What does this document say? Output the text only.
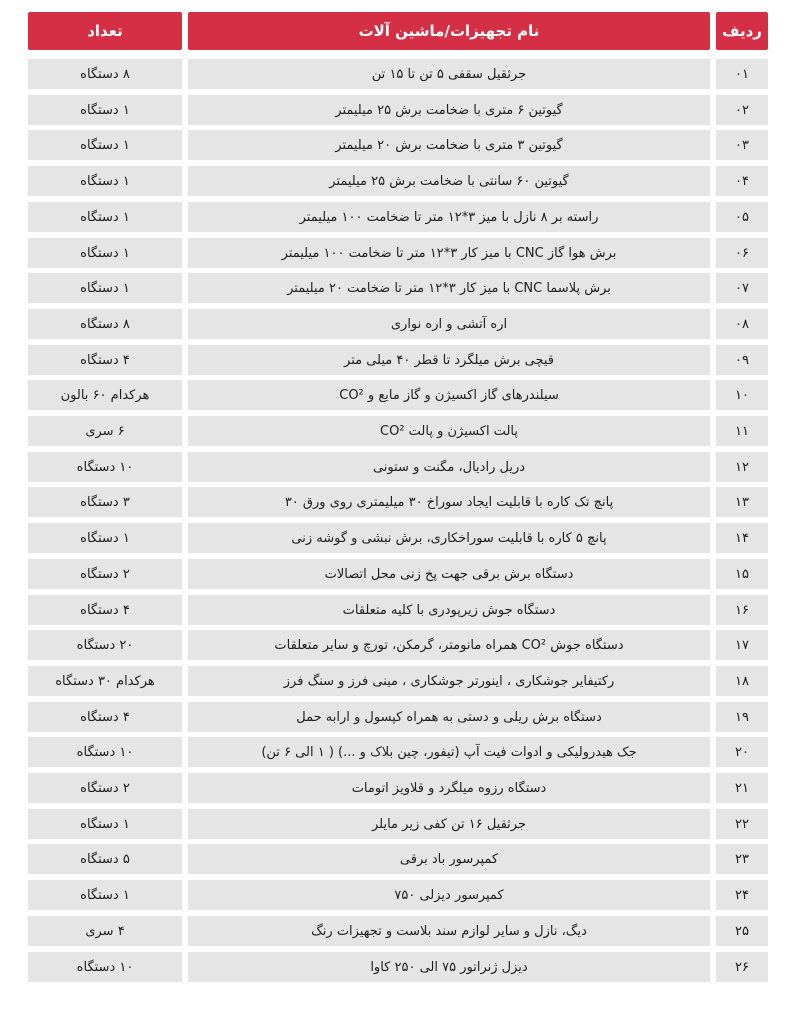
ردیف
نام تجهیزات/ماشین آلات
تعداد
۰۱
جرثقیل سقفی ۵ تن تا ۱۵ تن
۸ دستگاه
۰۲
گیوتین ۶ متری با ضخامت برش ۲۵ میلیمتر
۱ دستگاه
۰۳
گیوتین ۳ متری با ضخامت برش ۲۰ میلیمتر
۱ دستگاه
۰۴
گیوتین ۶۰ سانتی با ضخامت برش ۲۵ میلیمتر
۱ دستگاه
۰۵
راسته بر ۸ نازل با میز ۳*۱۲ متر تا ضخامت ۱۰۰ میلیمتر
۱ دستگاه
۰۶
برش هوا گاز CNC با میز کار ۳*۱۲ متر تا ضخامت ۱۰۰ میلیمتر
۱ دستگاه
۰۷
برش پلاسما CNC با میز کار ۳*۱۲ متر تا ضخامت ۲۰ میلیمتر
۱ دستگاه
۰۸
اره آتشی و اره نواری
۸ دستگاه
۰۹
قیچی برش میلگرد تا قطر ۴۰ میلی متر
۴ دستگاه
۱۰
سیلندرهای گاز اکسیژن و گاز مایع و CO²
هرکدام ۶۰ بالون
۱۱
پالت اکسیژن و پالت CO²
۶ سری
۱۲
دریل رادیال، مگنت و ستونی
۱۰ دستگاه
۱۳
پانچ تک کاره با قابلیت ایجاد سوراخ ۳۰ میلیمتری روی ورق ۳۰
۳ دستگاه
۱۴
پانچ ۵ کاره با قابلیت سوراخکاری، برش نبشی و گوشه زنی
۱ دستگاه
۱۵
دستگاه برش برقی جهت پخ زنی محل اتصالات
۲ دستگاه
۱۶
دستگاه جوش زیرپودری با کلیه متعلقات
۴ دستگاه
۱۷
دستگاه جوش CO² همراه مانومتر، گرمکن، تورچ و سایر متعلقات
۲۰ دستگاه
۱۸
رکتیفایر جوشکاری ، اینورتر جوشکاری ، مینی فرز و سنگ فرز
هرکدام ۳۰ دستگاه
۱۹
دستگاه برش ریلی و دستی به همراه کپسول و ارابه حمل
۴ دستگاه
۲۰
جک هیدرولیکی و ادوات فیت آپ (تیفور، چین بلاک و ...) ( ۱ الی ۶ تن)
۱۰ دستگاه
۲۱
دستگاه رزوه میلگرد و قلاویز اتومات
۲ دستگاه
۲۲
جرثقیل ۱۶ تن کفی زیر مایلر
۱ دستگاه
۲۳
کمپرسور باد برقی
۵ دستگاه
۲۴
کمپرسور دیزلی ۷۵۰
۱ دستگاه
۲۵
دیگ، نازل و سایر لوازم سند بلاست و تجهیزات رنگ
۴ سری
۲۶
دیزل ژنراتور ۷۵ الی ۲۵۰ کاوا
۱۰ دستگاه
